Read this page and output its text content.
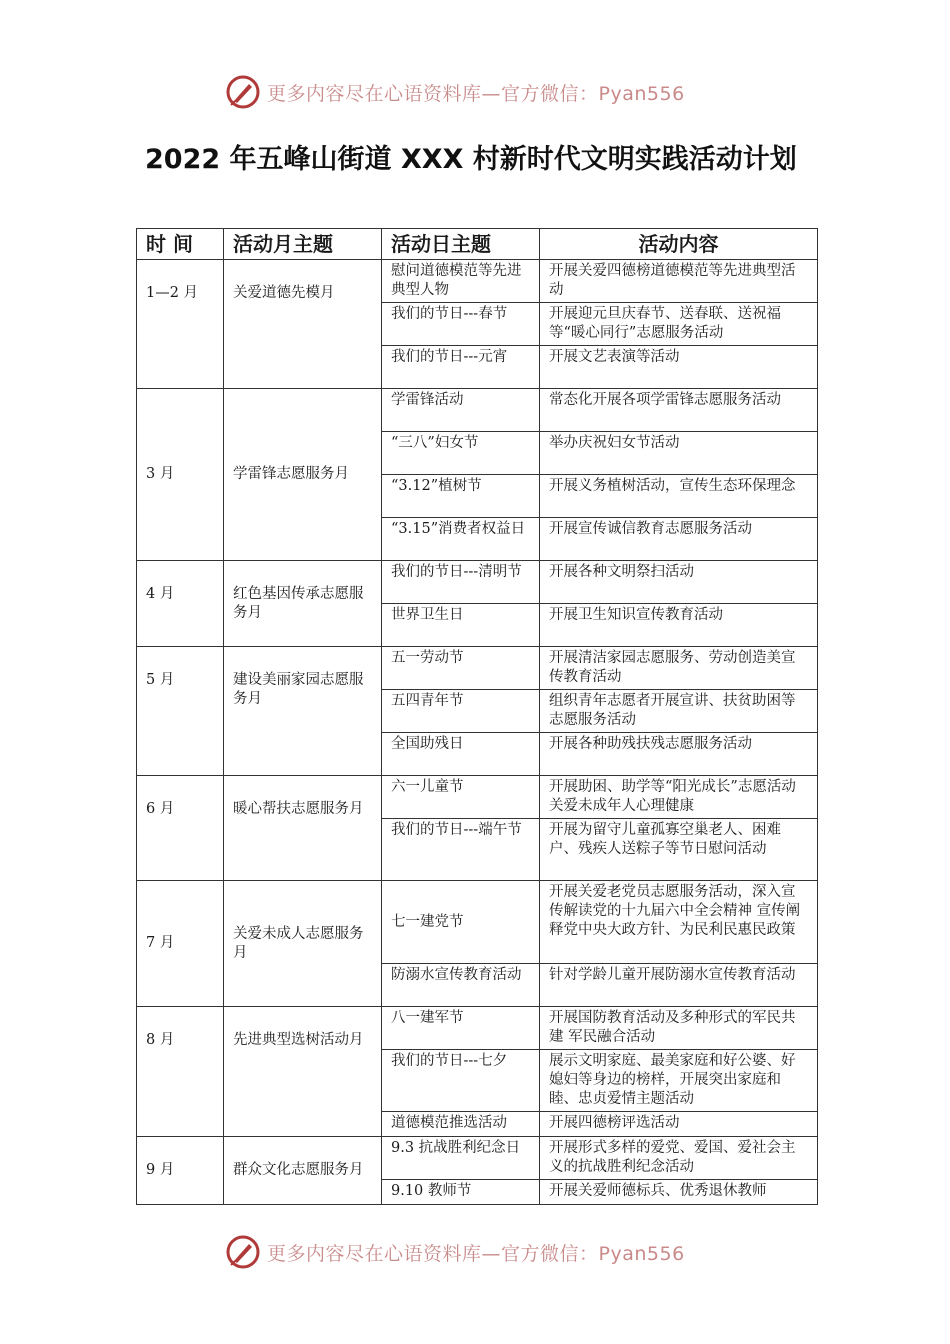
更多内容尽在心语资料库—官方微信：Pyan556
2022 年五峰山街道 XXX 村新时代文明实践活动计划
时 间	活动月主题	活动日主题	活动内容
1—2 月	关爱道德先模月	慰问道德模范等先进典型人物	开展关爱四德榜道德模范等先进典型活动
		我们的节日---春节	开展迎元旦庆春节、送春联、送祝福等“暖心同行”志愿服务活动
		我们的节日---元宵	开展文艺表演等活动
3 月	学雷锋志愿服务月	学雷锋活动	常态化开展各项学雷锋志愿服务活动
		“三八”妇女节	举办庆祝妇女节活动
		“3.12”植树节	开展义务植树活动，宣传生态环保理念
		“3.15”消费者权益日	开展宣传诚信教育志愿服务活动
4 月	红色基因传承志愿服务月	我们的节日---清明节	开展各种文明祭扫活动
		世界卫生日	开展卫生知识宣传教育活动
5 月	建设美丽家园志愿服务月	五一劳动节	开展清洁家园志愿服务、劳动创造美宣传教育活动
		五四青年节	组织青年志愿者开展宣讲、扶贫助困等志愿服务活动
		全国助残日	开展各种助残扶残志愿服务活动
6 月	暖心帮扶志愿服务月	六一儿童节	开展助困、助学等“阳光成长”志愿活动 关爱未成年人心理健康
		我们的节日---端午节	开展为留守儿童孤寡空巢老人、困难户、残疾人送粽子等节日慰问活动
7 月	关爱未成人志愿服务月	七一建党节	开展关爱老党员志愿服务活动，深入宣传解读党的十九届六中全会精神 宣传阐释党中央大政方针、为民利民惠民政策
		防溺水宣传教育活动	针对学龄儿童开展防溺水宣传教育活动
8 月	先进典型选树活动月	八一建军节	开展国防教育活动及多种形式的军民共建 军民融合活动
		我们的节日---七夕	展示文明家庭、最美家庭和好公婆、好媳妇等身边的榜样，开展突出家庭和睦、忠贞爱情主题活动
		道德模范推选活动	开展四德榜评选活动
9 月	群众文化志愿服务月	9.3 抗战胜利纪念日	开展形式多样的爱党、爱国、爱社会主义的抗战胜利纪念活动
		9.10 教师节	开展关爱师德标兵、优秀退休教师
更多内容尽在心语资料库—官方微信：Pyan556
